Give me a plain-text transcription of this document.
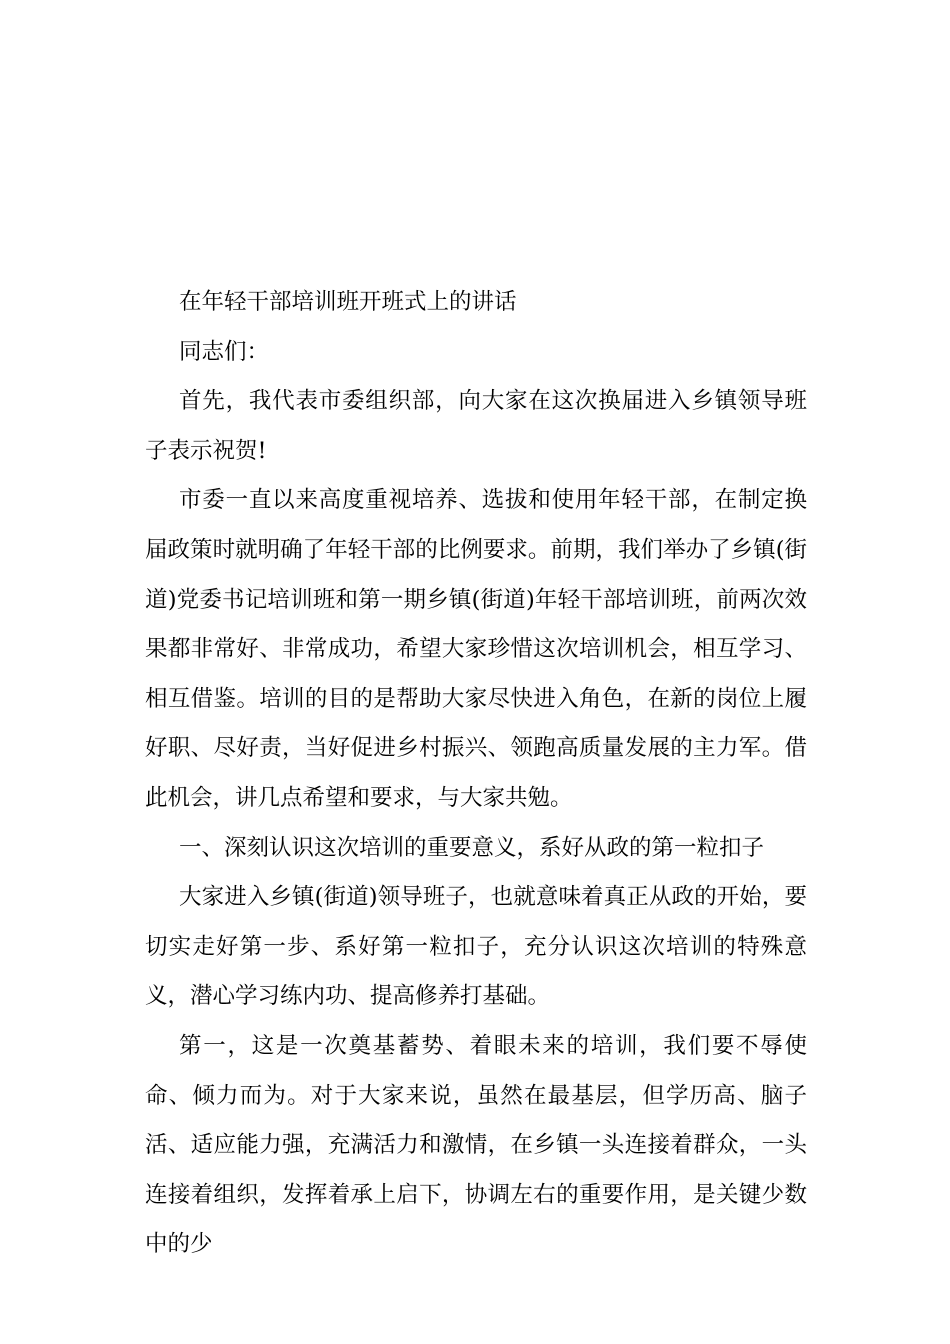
在年轻干部培训班开班式上的讲话

同志们：

首先，我代表市委组织部，向大家在这次换届进入乡镇领导班子表示祝贺!

市委一直以来高度重视培养、选拔和使用年轻干部，在制定换届政策时就明确了年轻干部的比例要求。前期，我们举办了乡镇(街道)党委书记培训班和第一期乡镇(街道)年轻干部培训班，前两次效果都非常好、非常成功，希望大家珍惜这次培训机会，相互学习、相互借鉴。培训的目的是帮助大家尽快进入角色，在新的岗位上履好职、尽好责，当好促进乡村振兴、领跑高质量发展的主力军。借此机会，讲几点希望和要求，与大家共勉。

一、深刻认识这次培训的重要意义，系好从政的第一粒扣子

大家进入乡镇(街道)领导班子，也就意味着真正从政的开始，要切实走好第一步、系好第一粒扣子，充分认识这次培训的特殊意义，潜心学习练内功、提高修养打基础。

第一，这是一次奠基蓄势、着眼未来的培训，我们要不辱使命、倾力而为。对于大家来说，虽然在最基层，但学历高、脑子活、适应能力强，充满活力和激情，在乡镇一头连接着群众，一头连接着组织，发挥着承上启下，协调左右的重要作用，是关键少数中的少
